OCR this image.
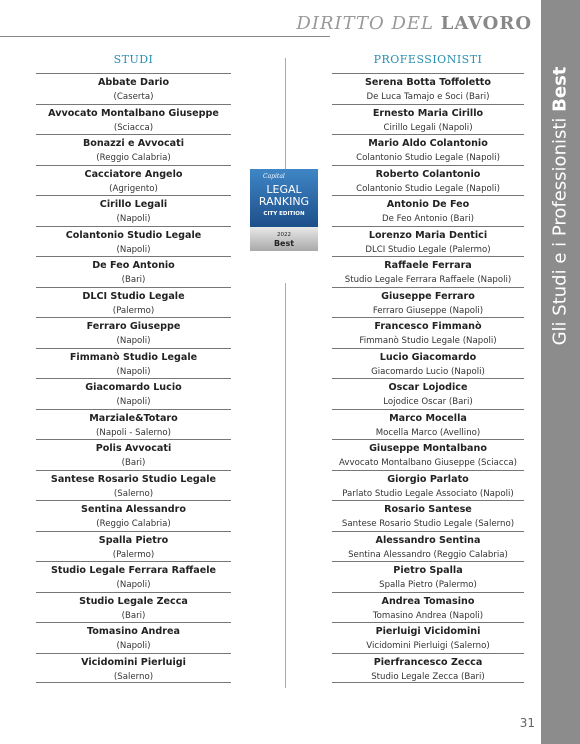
DIRITTO DEL LAVORO
Gli Studi e i Professionisti Best
STUDI	PROFESSIONISTI
Abbate Dario
(Caserta)
Avvocato Montalbano Giuseppe
(Sciacca)
Bonazzi e Avvocati
(Reggio Calabria)
Cacciatore Angelo
(Agrigento)
Cirillo Legali
(Napoli)
Colantonio Studio Legale
(Napoli)
De Feo Antonio
(Bari)
DLCI Studio Legale
(Palermo)
Ferraro Giuseppe
(Napoli)
Fimmanò Studio Legale
(Napoli)
Giacomardo Lucio
(Napoli)
Marziale&Totaro
(Napoli - Salerno)
Polis Avvocati
(Bari)
Santese Rosario Studio Legale
(Salerno)
Sentina Alessandro
(Reggio Calabria)
Spalla Pietro
(Palermo)
Studio Legale Ferrara Raffaele
(Napoli)
Studio Legale Zecca
(Bari)
Tomasino Andrea
(Napoli)
Vicidomini Pierluigi
(Salerno)
Serena Botta Toffoletto
De Luca Tamajo e Soci (Bari)
Ernesto Maria Cirillo
Cirillo Legali (Napoli)
Mario Aldo Colantonio
Colantonio Studio Legale (Napoli)
Roberto Colantonio
Colantonio Studio Legale (Napoli)
Antonio De Feo
De Feo Antonio (Bari)
Lorenzo Maria Dentici
DLCI Studio Legale (Palermo)
Raffaele Ferrara
Studio Legale Ferrara Raffaele (Napoli)
Giuseppe Ferraro
Ferraro Giuseppe (Napoli)
Francesco Fimmanò
Fimmanò Studio Legale (Napoli)
Lucio Giacomardo
Giacomardo Lucio (Napoli)
Oscar Lojodice
Lojodice Oscar (Bari)
Marco Mocella
Mocella Marco (Avellino)
Giuseppe Montalbano
Avvocato Montalbano Giuseppe (Sciacca)
Giorgio Parlato
Parlato Studio Legale Associato (Napoli)
Rosario Santese
Santese Rosario Studio Legale (Salerno)
Alessandro Sentina
Sentina Alessandro (Reggio Calabria)
Pietro Spalla
Spalla Pietro (Palermo)
Andrea Tomasino
Tomasino Andrea (Napoli)
Pierluigi Vicidomini
Vicidomini Pierluigi (Salerno)
Pierfrancesco Zecca
Studio Legale Zecca (Bari)
Capital
LEGAL
RANKING
CITY EDITION
2022
Best
31
